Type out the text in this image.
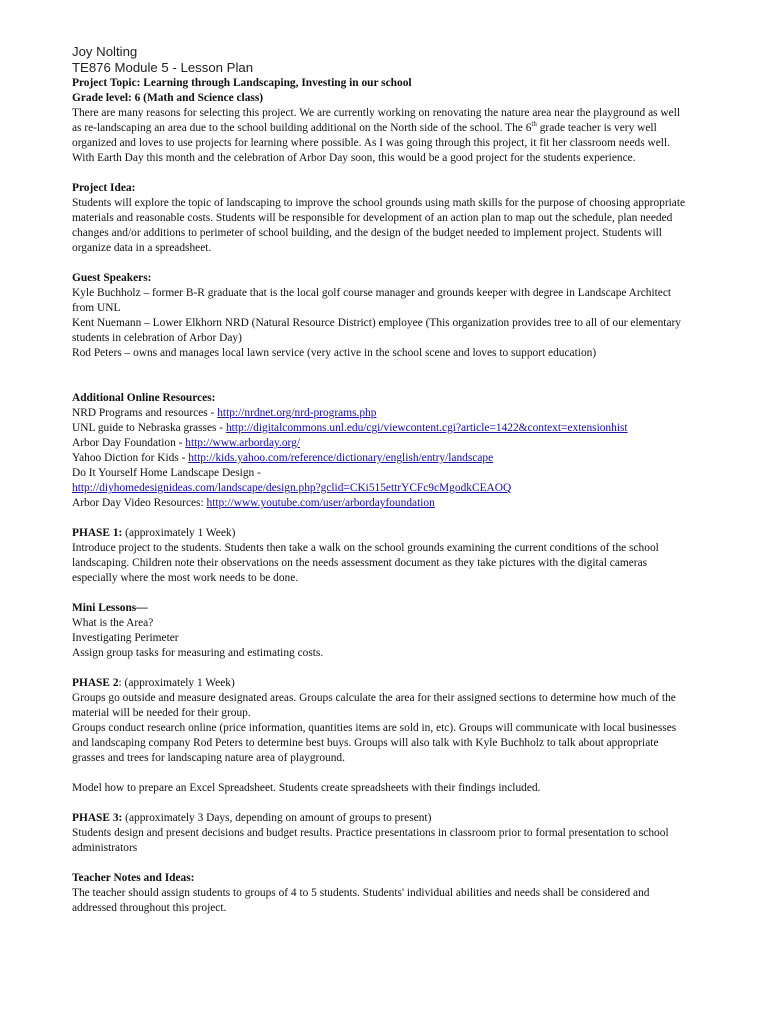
Joy Nolting

TE876 Module 5 - Lesson Plan

Project Topic: Learning through Landscaping, Investing in our school

Grade level: 6 (Math and Science class)

There are many reasons for selecting this project. We are currently working on renovating the nature area near the playground as well as re-landscaping an area due to the school building additional on the North side of the school. The 6th grade teacher is very well organized and loves to use projects for learning where possible. As I was going through this project, it fit her classroom needs well. With Earth Day this month and the celebration of Arbor Day soon, this would be a good project for the students experience.

Project Idea:

Students will explore the topic of landscaping to improve the school grounds using math skills for the purpose of choosing appropriate materials and reasonable costs. Students will be responsible for development of an action plan to map out the schedule, plan needed changes and/or additions to perimeter of school building, and the design of the budget needed to implement project. Students will organize data in a spreadsheet.

Guest Speakers:

Kyle Buchholz – former B-R graduate that is the local golf course manager and grounds keeper with degree in Landscape Architect from UNL

Kent Nuemann – Lower Elkhorn NRD (Natural Resource District) employee (This organization provides tree to all of our elementary students in celebration of Arbor Day)

Rod Peters – owns and manages local lawn service (very active in the school scene and loves to support education)

Additional Online Resources:

NRD Programs and resources - http://nrdnet.org/nrd-programs.php

UNL guide to Nebraska grasses - http://digitalcommons.unl.edu/cgi/viewcontent.cgi?article=1422&context=extensionhist

Arbor Day Foundation - http://www.arborday.org/

Yahoo Diction for Kids - http://kids.yahoo.com/reference/dictionary/english/entry/landscape

Do It Yourself Home Landscape Design -

http://diyhomedesignideas.com/landscape/design.php?gclid=CKi515ettrYCFc9cMgodkCEAOQ

Arbor Day Video Resources: http://www.youtube.com/user/arbordayfoundation

PHASE 1: (approximately 1 Week)

Introduce project to the students. Students then take a walk on the school grounds examining the current conditions of the school landscaping. Children note their observations on the needs assessment document as they take pictures with the digital cameras especially where the most work needs to be done.

Mini Lessons—

What is the Area?

Investigating Perimeter

Assign group tasks for measuring and estimating costs.

PHASE 2: (approximately 1 Week)

Groups go outside and measure designated areas. Groups calculate the area for their assigned sections to determine how much of the material will be needed for their group.

Groups conduct research online (price information, quantities items are sold in, etc). Groups will communicate with local businesses and landscaping company Rod Peters to determine best buys. Groups will also talk with Kyle Buchholz to talk about appropriate grasses and trees for landscaping nature area of playground.

Model how to prepare an Excel Spreadsheet. Students create spreadsheets with their findings included.

PHASE 3: (approximately 3 Days, depending on amount of groups to present)

Students design and present decisions and budget results. Practice presentations in classroom prior to formal presentation to school administrators

Teacher Notes and Ideas:

The teacher should assign students to groups of 4 to 5 students. Students' individual abilities and needs shall be considered and addressed throughout this project.
